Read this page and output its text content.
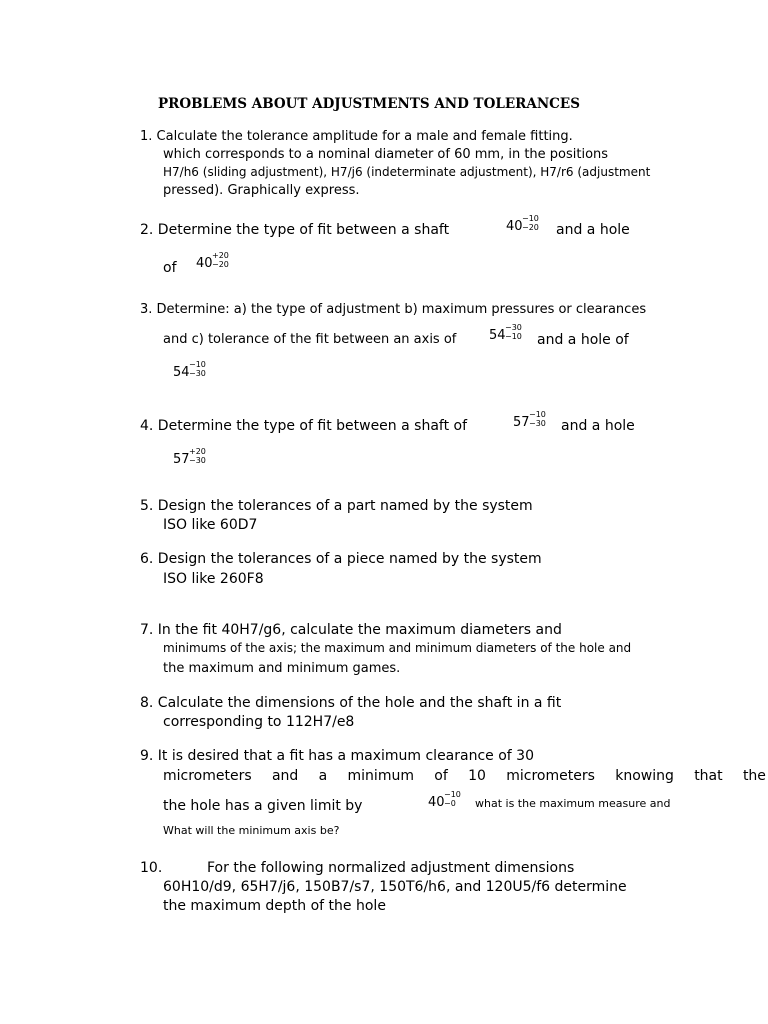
PROBLEMS ABOUT ADJUSTMENTS AND TOLERANCES
1. Calculate the tolerance amplitude for a male and female fitting.
which corresponds to a nominal diameter of 60 mm, in the positions
H7/h6 (sliding adjustment), H7/j6 (indeterminate adjustment), H7/r6 (adjustment
pressed). Graphically express.
2. Determine the type of fit between a shaft	40
−10
−20 and a hole
of 40
+20
−20
3. Determine: a) the type of adjustment b) maximum pressures or clearances
and c) tolerance of the fit between an axis of	54
−30
−10 and a hole of
54
−10
−30
4. Determine the type of fit between a shaft of	57
−10
−30 and a hole
57
+20
−30
5. Design the tolerances of a part named by the system
ISO like 60D7
6. Design the tolerances of a piece named by the system
ISO like 260F8
7. In the fit 40H7/g6, calculate the maximum diameters and
minimums of the axis; the maximum and minimum diameters of the hole and
the maximum and minimum games.
8. Calculate the dimensions of the hole and the shaft in a fit
corresponding to 112H7/e8
9. It is desired that a fit has a maximum clearance of 30
micrometers and a minimum of 10 micrometers knowing that the
the hole has a given limit by	40
−10
−0 what is the maximum measure and
What will the minimum axis be?
10.	For the following normalized adjustment dimensions
60H10/d9, 65H7/j6, 150B7/s7, 150T6/h6, and 120U5/f6 determine
the maximum depth of the hole
